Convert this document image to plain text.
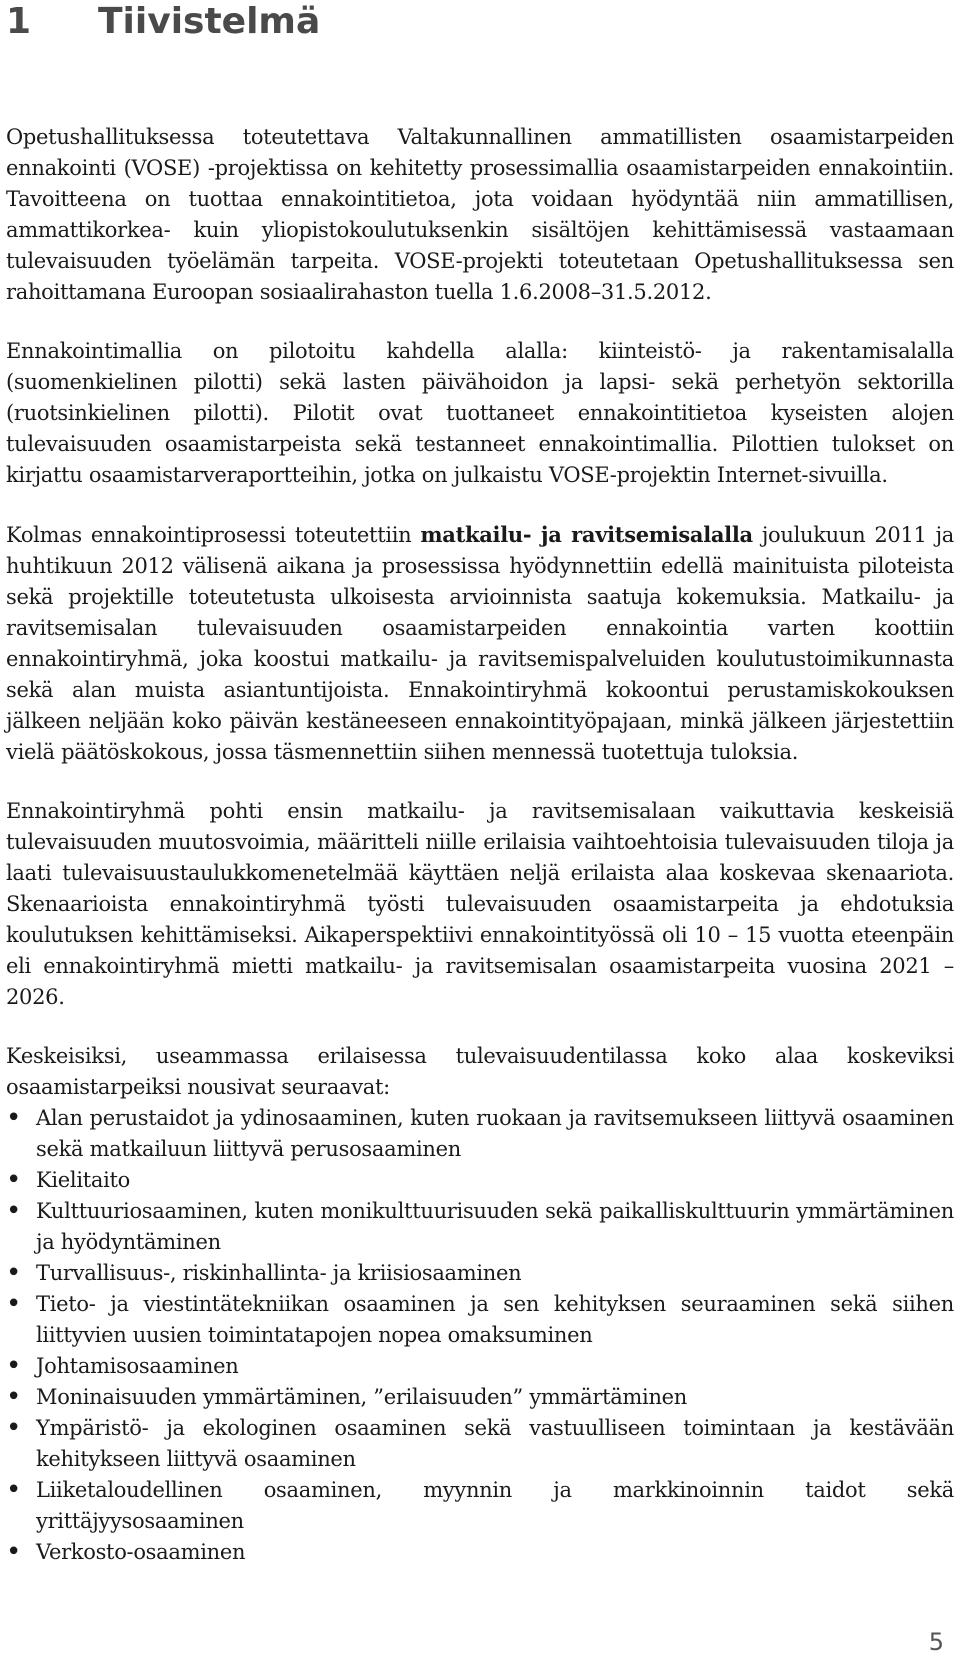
1 Tiivistelmä

Opetushallituksessa toteutettava Valtakunnallinen ammatillisten osaamistarpeiden ennakointi (VOSE) -projektissa on kehitetty prosessimallia osaamistarpeiden ennakointiin. Tavoitteena on tuottaa ennakointitietoa, jota voidaan hyödyntää niin ammatillisen, ammattikorkea- kuin yliopistokoulutuksenkin sisältöjen kehittämisessä vastaamaan tulevaisuuden työelämän tarpeita. VOSE-projekti toteutetaan Opetushallituksessa sen rahoittamana Euroopan sosiaalirahaston tuella 1.6.2008–31.5.2012.

Ennakointimallia on pilotoitu kahdella alalla: kiinteistö- ja rakentamisalalla (suomenkielinen pilotti) sekä lasten päivähoidon ja lapsi- sekä perhetyön sektorilla (ruotsinkielinen pilotti). Pilotit ovat tuottaneet ennakointitietoa kyseisten alojen tulevaisuuden osaamistarpeista sekä testanneet ennakointimallia. Pilottien tulokset on kirjattu osaamistarveraportteihin, jotka on julkaistu VOSE-projektin Internet-sivuilla.

Kolmas ennakointiprosessi toteutettiin matkailu- ja ravitsemisalalla joulukuun 2011 ja huhtikuun 2012 välisenä aikana ja prosessissa hyödynnettiin edellä mainituista piloteista sekä projektille toteutetusta ulkoisesta arvioinnista saatuja kokemuksia. Matkailu- ja ravitsemisalan tulevaisuuden osaamistarpeiden ennakointia varten koottiin ennakointiryhmä, joka koostui matkailu- ja ravitsemispalveluiden koulutustoimikunnasta sekä alan muista asiantuntijoista. Ennakointiryhmä kokoontui perustamiskokouksen jälkeen neljään koko päivän kestäneeseen ennakointityöpajaan, minkä jälkeen järjestettiin vielä päätöskokous, jossa täsmennettiin siihen mennessä tuotettuja tuloksia.

Ennakointiryhmä pohti ensin matkailu- ja ravitsemisalaan vaikuttavia keskeisiä tulevaisuuden muutosvoimia, määritteli niille erilaisia vaihtoehtoisia tulevaisuuden tiloja ja laati tulevaisuustaulukkomenetelmää käyttäen neljä erilaista alaa koskevaa skenaariota. Skenaarioista ennakointiryhmä työsti tulevaisuuden osaamistarpeita ja ehdotuksia koulutuksen kehittämiseksi. Aikaperspektiivi ennakointityössä oli 10 – 15 vuotta eteenpäin eli ennakointiryhmä mietti matkailu- ja ravitsemisalan osaamistarpeita vuosina 2021 – 2026.

Keskeisiksi, useammassa erilaisessa tulevaisuudentilassa koko alaa koskeviksi osaamistarpeiksi nousivat seuraavat:

• Alan perustaidot ja ydinosaaminen, kuten ruokaan ja ravitsemukseen liittyvä osaaminen sekä matkailuun liittyvä perusosaaminen
• Kielitaito
• Kulttuuriosaaminen, kuten monikulttuurisuuden sekä paikalliskulttuurin ymmärtäminen ja hyödyntäminen
• Turvallisuus-, riskinhallinta- ja kriisiosaaminen
• Tieto- ja viestintätekniikan osaaminen ja sen kehityksen seuraaminen sekä siihen liittyvien uusien toimintatapojen nopea omaksuminen
• Johtamisosaaminen
• Moninaisuuden ymmärtäminen, ”erilaisuuden” ymmärtäminen
• Ympäristö- ja ekologinen osaaminen sekä vastuulliseen toimintaan ja kestävään kehitykseen liittyvä osaaminen
• Liiketaloudellinen osaaminen, myynnin ja markkinoinnin taidot sekä yrittäjyysosaaminen
• Verkosto-osaaminen
5
